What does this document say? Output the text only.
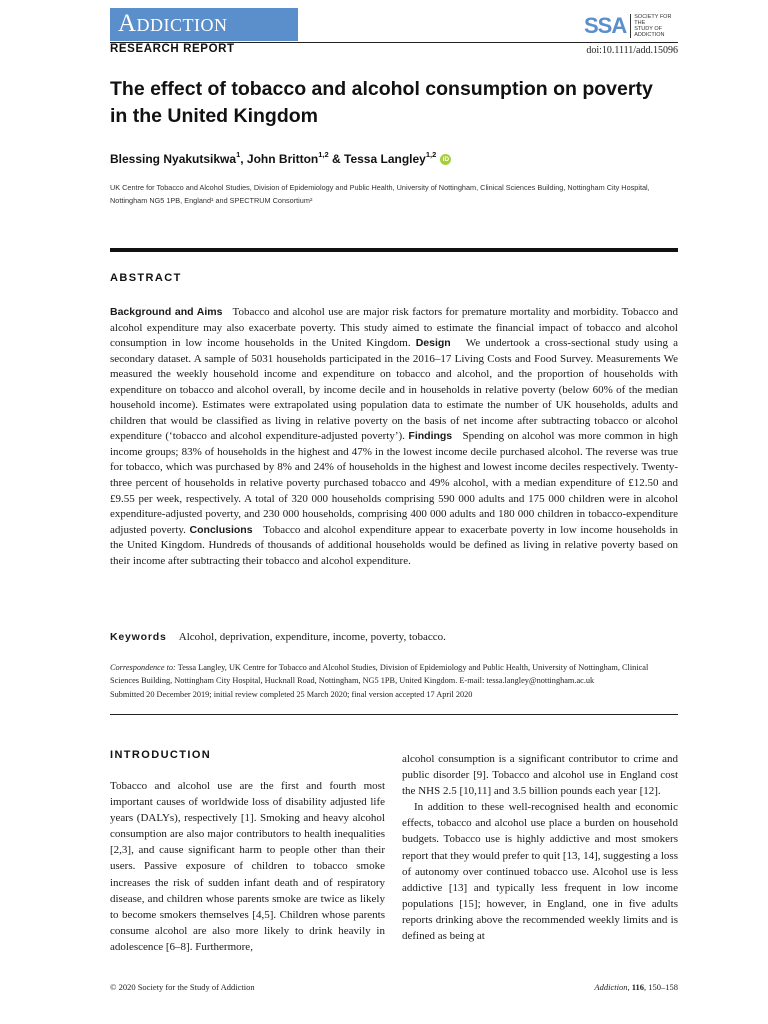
Addiction	SSA SOCIETY FOR THE
STUDY OF
ADDICTION
RESEARCH REPORT	doi:10.1111/add.15096
The effect of tobacco and alcohol consumption on poverty in the United Kingdom
Blessing Nyakutsikwa$^1$ , John Britton$^{1,2}$ & Tessa Langley$^{1,2}$
iD
UK Centre for Tobacco and Alcohol Studies, Division of Epidemiology and Public Health, University of Nottingham, Clinical Sciences Building, Nottingham City Hospital, Nottingham NG5 1PB, England¹ and SPECTRUM Consortium²
ABSTRACT
Background and Aims Tobacco and alcohol use are major risk factors for premature mortality and morbidity. Tobacco and alcohol expenditure may also exacerbate poverty. This study aimed to estimate the financial impact of tobacco and alcohol consumption in low income households in the United Kingdom. Design We undertook a cross-sectional study using a secondary dataset. A sample of 5031 households participated in the 2016–17 Living Costs and Food Survey. Measurements We measured the weekly household income and expenditure on tobacco and alcohol, and the proportion of households with expenditure on tobacco and alcohol overall, by income decile and in households in relative poverty (below 60% of the median household income). Estimates were extrapolated using population data to estimate the number of UK households, adults and children that would be classified as living in relative poverty on the basis of net income after subtracting tobacco or alcohol expenditure (‘tobacco and alcohol expenditure-adjusted poverty’). Findings Spending on alcohol was more common in high income groups; 83% of households in the highest and 47% in the lowest income decile purchased alcohol. The reverse was true for tobacco, which was purchased by 8% and 24% of households in the highest and lowest income deciles respectively. Twenty-three percent of households in relative poverty purchased tobacco and 49% alcohol, with a median expenditure of £12.50 and £9.55 per week, respectively. A total of 320 000 households comprising 590 000 adults and 175 000 children were in alcohol expenditure-adjusted poverty, and 230 000 households, comprising 400 000 adults and 180 000 children in tobacco-expenditure adjusted poverty. Conclusions Tobacco and alcohol expenditure appear to exacerbate poverty in low income households in the United Kingdom. Hundreds of thousands of additional households would be defined as living in relative poverty based on their income after subtracting their tobacco and alcohol expenditure.
Keywords Alcohol, deprivation, expenditure, income, poverty, tobacco.
Correspondence to: Tessa Langley, UK Centre for Tobacco and Alcohol Studies, Division of Epidemiology and Public Health, University of Nottingham, Clinical Sciences Building, Nottingham City Hospital, Hucknall Road, Nottingham, NG5 1PB, United Kingdom. E-mail: tessa.langley@nottingham.ac.uk
Submitted 20 December 2019; initial review completed 25 March 2020; final version accepted 17 April 2020
INTRODUCTION

Tobacco and alcohol use are the first and fourth most important causes of worldwide loss of disability adjusted life years (DALYs), respectively [1]. Smoking and heavy alcohol consumption are also major contributors to health inequalities [2,3], and cause significant harm to people other than their users. Passive exposure of children to tobacco smoke increases the risk of sudden infant death and of respiratory disease, and children whose parents smoke are twice as likely to become smokers themselves [4,5]. Children whose parents consume alcohol are also more likely to drink heavily in adolescence [6–8]. Furthermore,

alcohol consumption is a significant contributor to crime and public disorder [9]. Tobacco and alcohol use in England cost the NHS 2.5 [10,11] and 3.5 billion pounds each year [12].

In addition to these well-recognised health and economic effects, tobacco and alcohol use place a burden on household budgets. Tobacco use is highly addictive and most smokers report that they would prefer to quit [13, 14], suggesting a loss of autonomy over continued tobacco use. Alcohol use is less addictive [13] and typically less frequent in low income populations [15]; however, in England, one in five adults reports drinking above the recommended weekly limits and is defined as being at

© 2020 Society for the Study of Addiction	Addiction, 116, 150–158
